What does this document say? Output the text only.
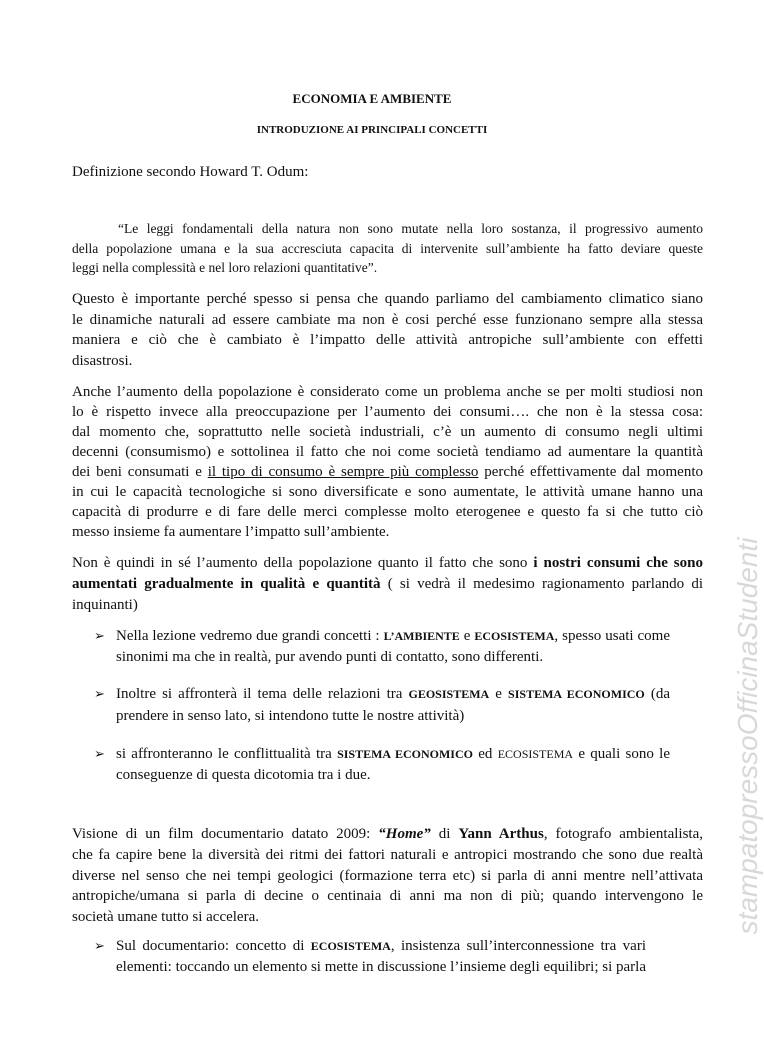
ECONOMIA E AMBIENTE
INTRODUZIONE AI PRINCIPALI CONCETTI
Definizione secondo Howard T. Odum:
“Le leggi fondamentali della natura non sono mutate nella loro sostanza, il progressivo aumento
della popolazione umana e la sua accresciuta capacita di intervenite sull’ambiente ha fatto deviare queste
leggi nella complessità e nel loro relazioni quantitative”.
Questo è importante perché spesso si pensa che quando parliamo del cambiamento climatico siano
le dinamiche naturali ad essere cambiate ma non è cosi perché esse funzionano sempre alla stessa
maniera e ciò che è cambiato è l’impatto delle attività antropiche sull’ambiente con effetti
disastrosi.
Anche l’aumento della popolazione è considerato come un problema anche se per molti studiosi non
lo è rispetto invece alla preoccupazione per l’aumento dei consumi…. che non è la stessa cosa:
dal momento che, soprattutto nelle società industriali, c’è un aumento di consumo negli ultimi
decenni (consumismo) e sottolinea il fatto che noi come società tendiamo ad aumentare la quantità
dei beni consumati e il tipo di consumo è sempre più complesso perché effettivamente dal momento
in cui le capacità tecnologiche si sono diversificate e sono aumentate, le attività umane hanno una
capacità di produrre e di fare delle merci complesse molto eterogenee e questo fa si che tutto ciò
messo insieme fa aumentare l’impatto sull’ambiente.
Non è quindi in sé l’aumento della popolazione quanto il fatto che sono i nostri consumi che sono
aumentati gradualmente in qualità e quantità ( si vedrà il medesimo ragionamento parlando di
inquinanti)
➢ Nella lezione vedremo due grandi concetti : L’AMBIENTE e ECOSISTEMA, spesso usati come
sinonimi ma che in realtà, pur avendo punti di contatto, sono differenti.
➢ Inoltre si affronterà il tema delle relazioni tra GEOSISTEMA e SISTEMA ECONOMICO (da
prendere in senso lato, si intendono tutte le nostre attività)
➢ si affronteranno le conflittualità tra SISTEMA ECONOMICO ed ECOSISTEMA e quali sono le
conseguenze di questa dicotomia tra i due.
Visione di un film documentario datato 2009: “Home” di Yann Arthus, fotografo ambientalista,
che fa capire bene la diversità dei ritmi dei fattori naturali e antropici mostrando che sono due realtà
diverse nel senso che nei tempi geologici (formazione terra etc) si parla di anni mentre nell’attivata
antropiche/umana si parla di decine o centinaia di anni ma non di più; quando intervengono le
società umane tutto si accelera.
➢ Sul documentario: concetto di ECOSISTEMA, insistenza sull’interconnessione tra vari
elementi: toccando un elemento si mette in discussione l’insieme degli equilibri; si parla
stampatopressoOfficinaStudenti
